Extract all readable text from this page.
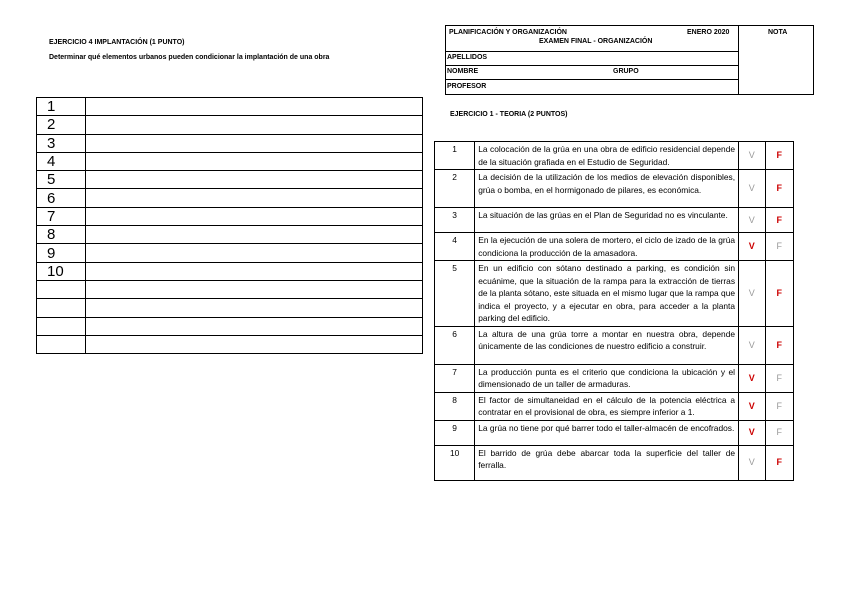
EJERCICIO 4 IMPLANTACIÓN (1 PUNTO)
Determinar qué elementos urbanos pueden condicionar la implantación de una obra
1	
2	
3	
4	
5	
6	
7	
8	
9	
10	

PLANIFICACIÓN Y ORGANIZACIÓN	ENERO 2020	NOTA
EXAMEN FINAL - ORGANIZACIÓN
APELLIDOS
NOMBRE	GRUPO
PROFESOR
EJERCICIO 1 - TEORIA (2 PUNTOS)
1	La colocación de la grúa en una obra de edificio residencial depende de la situación grafiada en el Estudio de Seguridad.	V	F
2	La decisión de la utilización de los medios de elevación disponibles, grúa o bomba, en el hormigonado de pilares, es económica.	V	F
3	La situación de las grúas en el Plan de Seguridad no es vinculante.	V	F
4	En la ejecución de una solera de mortero, el ciclo de izado de la grúa condiciona la producción de la amasadora.	V	F
5	En un edificio con sótano destinado a parking, es condición sin ecuánime, que la situación de la rampa para la extracción de tierras de la planta sótano, este situada en el mismo lugar que la rampa que indica el proyecto, y a ejecutar en obra, para acceder a la planta parking del edificio.	V	F
6	La altura de una grúa torre a montar en nuestra obra, depende únicamente de las condiciones de nuestro edificio a construir.	V	F
7	La producción punta es el criterio que condiciona la ubicación y el dimensionado de un taller de armaduras.	V	F
8	El factor de simultaneidad en el cálculo de la potencia eléctrica a contratar en el provisional de obra, es siempre inferior a 1.	V	F
9	La grúa no tiene por qué barrer todo el taller-almacén de encofrados.	V	F
10	El barrido de grúa debe abarcar toda la superficie del taller de ferralla.	V	F
